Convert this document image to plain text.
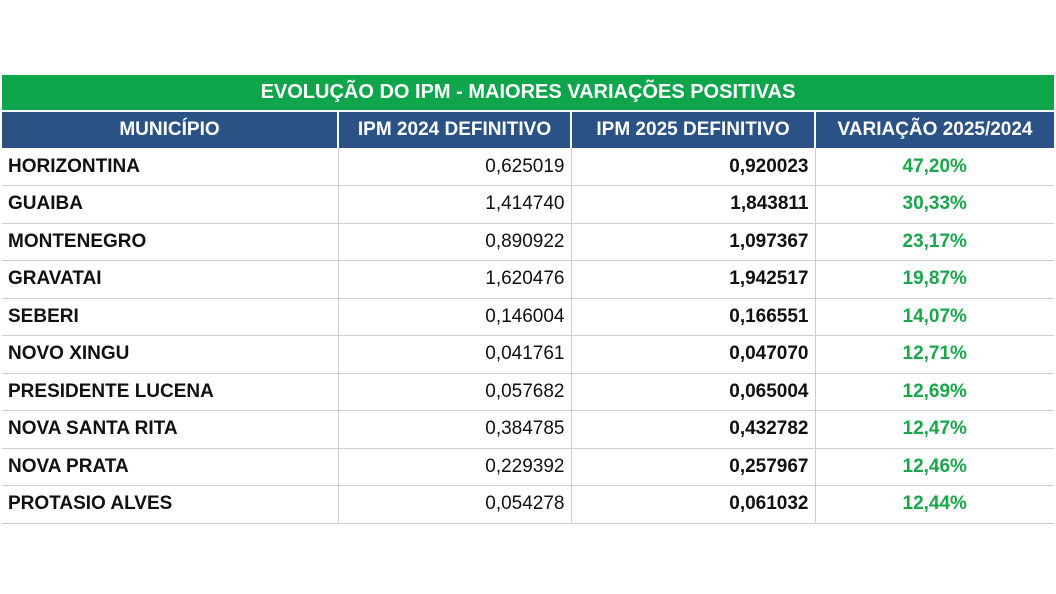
EVOLUÇÃO DO IPM - MAIORES VARIAÇÕES POSITIVAS
MUNICÍPIO	IPM 2024 DEFINITIVO	IPM 2025 DEFINITIVO	VARIAÇÃO 2025/2024
HORIZONTINA	0,625019	0,920023	47,20%
GUAIBA	1,414740	1,843811	30,33%
MONTENEGRO	0,890922	1,097367	23,17%
GRAVATAI	1,620476	1,942517	19,87%
SEBERI	0,146004	0,166551	14,07%
NOVO XINGU	0,041761	0,047070	12,71%
PRESIDENTE LUCENA	0,057682	0,065004	12,69%
NOVA SANTA RITA	0,384785	0,432782	12,47%
NOVA PRATA	0,229392	0,257967	12,46%
PROTASIO ALVES	0,054278	0,061032	12,44%
